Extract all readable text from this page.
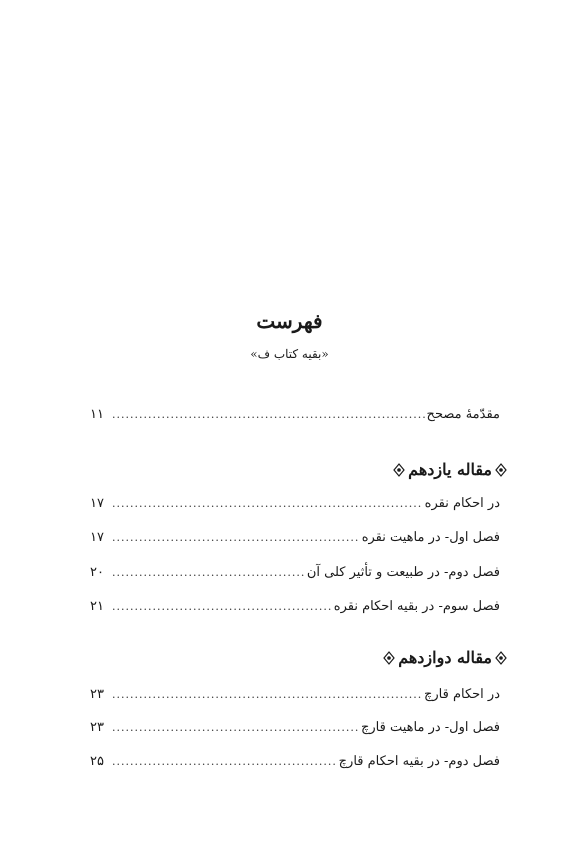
فهرست
«بقیه کتاب ف»
مقدّمهٔ مصحح
.....
۱۱
مقاله یازدهم
در احکام نقره
.....
۱۷
فصل اول- در ماهیت نقره
.....
۱۷
فصل دوم- در طبیعت و تأثیر کلی آن
.....
۲۰
فصل سوم- در بقیه احکام نقره
.....
۲۱
مقاله دوازدهم
در احکام قارچ
.....
۲۳
فصل اول- در ماهیت قارچ
.....
۲۳
فصل دوم- در بقیه احکام قارچ
.....
۲۵
